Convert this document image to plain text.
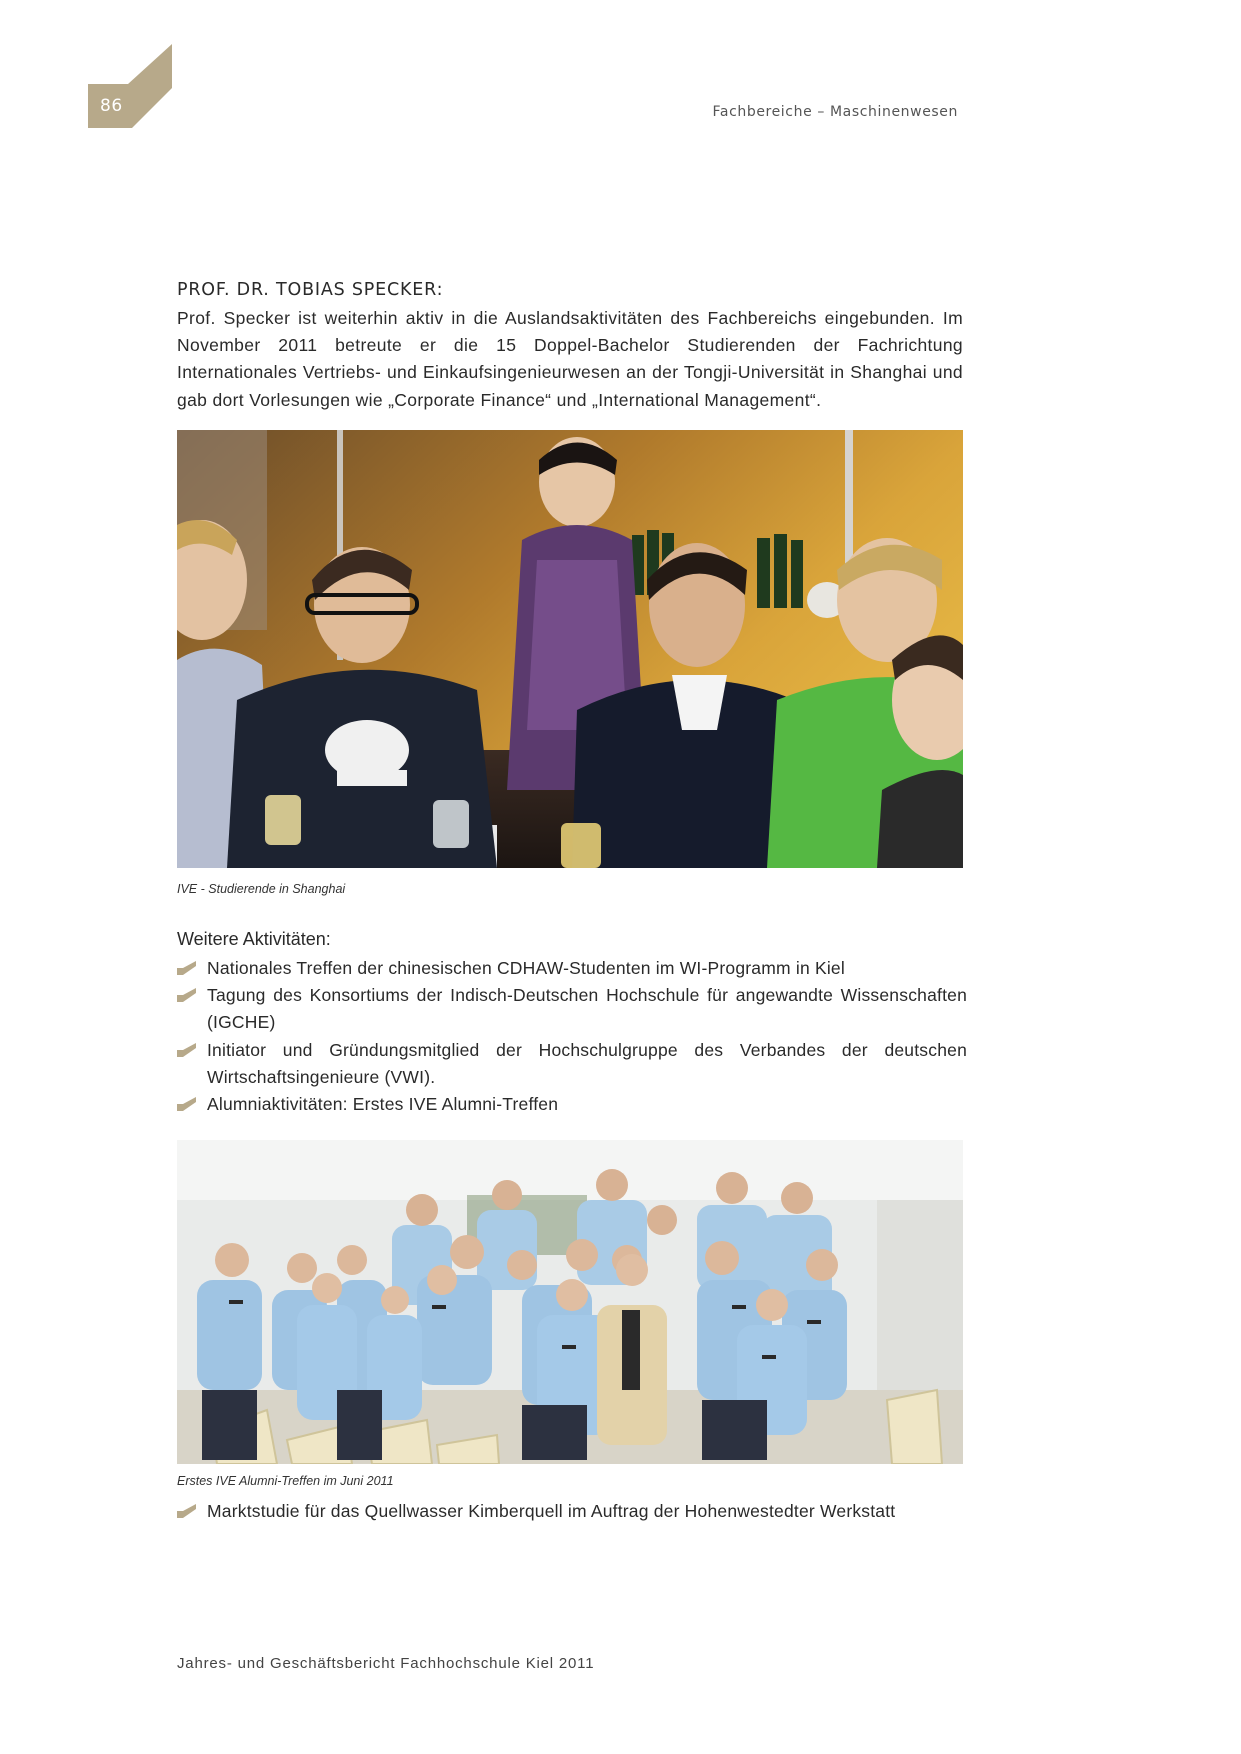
86	Fachbereiche – Maschinenwesen
PROF. DR. TOBIAS SPECKER:
Prof. Specker ist weiterhin aktiv in die Auslandsaktivitäten des Fachbereichs eingebunden. Im November 2011 betreute er die 15 Doppel-Bachelor Studierenden der Fachrichtung Internationales Vertriebs- und Einkaufsingenieurwesen an der Tongji-Universität in Shanghai und gab dort Vorlesungen wie „Corporate Finance“ und „International Management“.
IVE - Studierende in Shanghai
Weitere Aktivitäten:
Nationales Treffen der chinesischen CDHAW-Studenten im WI-Programm in Kiel
Tagung des Konsortiums der Indisch-Deutschen Hochschule für angewandte Wissenschaften (IGCHE)
Initiator und Gründungsmitglied der Hochschulgruppe des Verbandes der deutschen Wirtschaftsingenieure (VWI).
Alumniaktivitäten: Erstes IVE Alumni-Treffen
Erstes IVE Alumni-Treffen im Juni 2011
Marktstudie für das Quellwasser Kimberquell im Auftrag der Hohenwestedter Werkstatt
Jahres- und Geschäftsbericht Fachhochschule Kiel 2011
